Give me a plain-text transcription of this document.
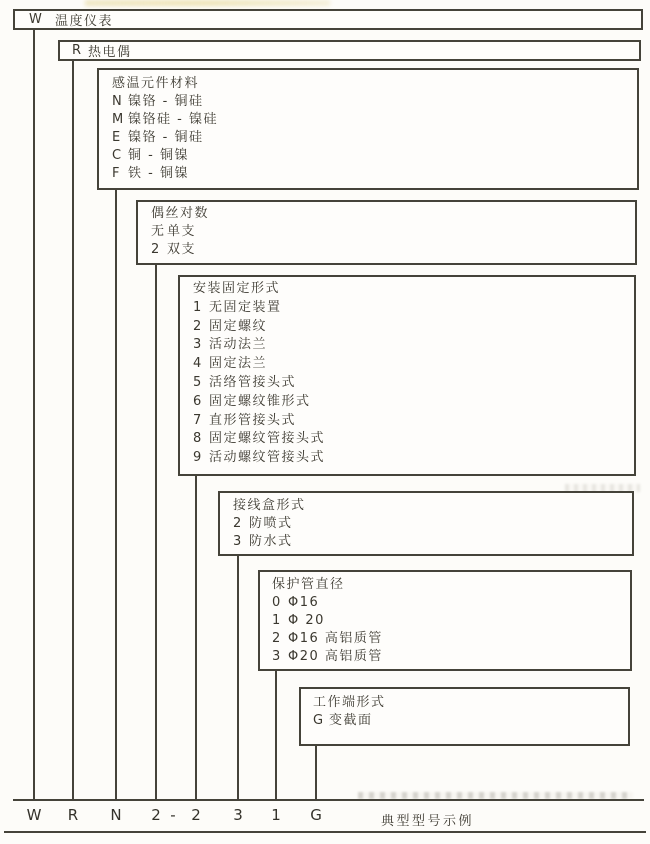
W	温度仪表
R 热电偶
感温元件材料
N 镍铬 - 铜硅
M 镍铬硅 - 镍硅
E 镍铬 - 铜硅
C 铜 - 铜镍
F 铁 - 铜镍
偶丝对数
无 单支
2 双支
安装固定形式
1 无固定装置
2 固定螺纹
3 活动法兰
4 固定法兰
5 活络管接头式
6 固定螺纹锥形式
7 直形管接头式
8 固定螺纹管接头式
9 活动螺纹管接头式
接线盒形式
2 防喷式
3 防水式
保护管直径
0 Φ16
1 Φ 20
2 Φ16 高铝质管
3 Φ20 高铝质管
工作端形式
G 变截面
W R N 2 - 2 3 1 G	典型型号示例
